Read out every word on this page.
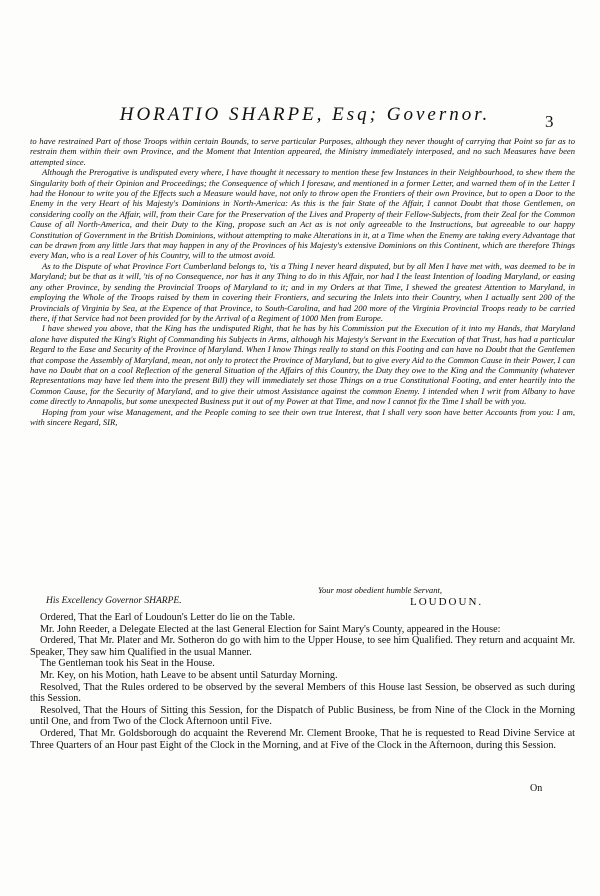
HORATIO SHARPE, Esq; Governor.	3

to have restrained Part of those Troops within certain Bounds, to serve particular Purposes, although they never thought of carrying that Point so far as to restrain them within their own Province, and the Moment that Intention appeared, the Ministry immediately interposed, and no such Measures have been attempted since.

Although the Prerogative is undisputed every where, I have thought it necessary to mention these few Instances in their Neighbourhood, to shew them the Singularity both of their Opinion and Proceedings; the Consequence of which I foresaw, and mentioned in a former Letter, and warned them of in the Letter I had the Honour to write you of the Effects such a Measure would have, not only to throw open the Frontiers of their own Province, but to open a Door to the Enemy in the very Heart of his Majesty's Dominions in North-America: As this is the fair State of the Affair, I cannot Doubt that those Gentlemen, on considering coolly on the Affair, will, from their Care for the Preservation of the Lives and Property of their Fellow-Subjects, from their Zeal for the Common Cause of all North-America, and their Duty to the King, propose such an Act as is not only agreeable to the Instructions, but agreeable to our happy Constitution of Government in the British Dominions, without attempting to make Alterations in it, at a Time when the Enemy are taking every Advantage that can be drawn from any little Jars that may happen in any of the Provinces of his Majesty's extensive Dominions on this Continent, which are therefore Things every Man, who is a real Lover of his Country, will to the utmost avoid.

As to the Dispute of what Province Fort Cumberland belongs to, 'tis a Thing I never heard disputed, but by all Men I have met with, was deemed to be in Maryland; but be that as it will, 'tis of no Consequence, nor has it any Thing to do in this Affair, nor had I the least Intention of loading Maryland, or easing any other Province, by sending the Provincial Troops of Maryland to it; and in my Orders at that Time, I shewed the greatest Attention to Maryland, in employing the Whole of the Troops raised by them in covering their Frontiers, and securing the Inlets into their Country, when I actually sent 200 of the Provincials of Virginia by Sea, at the Expence of that Province, to South-Carolina, and had 200 more of the Virginia Provincial Troops ready to be carried there, if that Service had not been provided for by the Arrival of a Regiment of 1000 Men from Europe.

I have shewed you above, that the King has the undisputed Right, that he has by his Commission put the Execution of it into my Hands, that Maryland alone have disputed the King's Right of Commanding his Subjects in Arms, although his Majesty's Servant in the Execution of that Trust, has had a particular Regard to the Ease and Security of the Province of Maryland. When I know Things really to stand on this Footing and can have no Doubt that the Gentlemen that compose the Assembly of Maryland, mean, not only to protect the Province of Maryland, but to give every Aid to the Common Cause in their Power, I can have no Doubt that on a cool Reflection of the general Situation of the Affairs of this Country, the Duty they owe to the King and the Community (whatever Representations may have led them into the present Bill) they will immediately set those Things on a true Constitutional Footing, and enter heartily into the Common Cause, for the Security of Maryland, and to give their utmost Assistance against the common Enemy. I intended when I writ from Albany to have come directly to Annapolis, but some unexpected Business put it out of my Power at that Time, and now I cannot fix the Time I shall be with you.

Hoping from your wise Management, and the People coming to see their own true Interest, that I shall very soon have better Accounts from you: I am, with sincere Regard, SIR,

Your most obedient humble Servant,
LOUDOUN.
His Excellency Governor SHARPE.

Ordered, That the Earl of Loudoun's Letter do lie on the Table.

Mr. John Reeder, a Delegate Elected at the last General Election for Saint Mary's County, appeared in the House:

Ordered, That Mr. Plater and Mr. Sotheron do go with him to the Upper House, to see him Qualified. They return and acquaint Mr. Speaker, They saw him Qualified in the usual Manner.

The Gentleman took his Seat in the House.

Mr. Key, on his Motion, hath Leave to be absent until Saturday Morning.

Resolved, That the Rules ordered to be observed by the several Members of this House last Session, be observed as such during this Session.

Resolved, That the Hours of Sitting this Session, for the Dispatch of Public Business, be from Nine of the Clock in the Morning until One, and from Two of the Clock Afternoon until Five.

Ordered, That Mr. Goldsborough do acquaint the Reverend Mr. Clement Brooke, That he is requested to Read Divine Service at Three Quarters of an Hour past Eight of the Clock in the Morning, and at Five of the Clock in the Afternoon, during this Session.

On
